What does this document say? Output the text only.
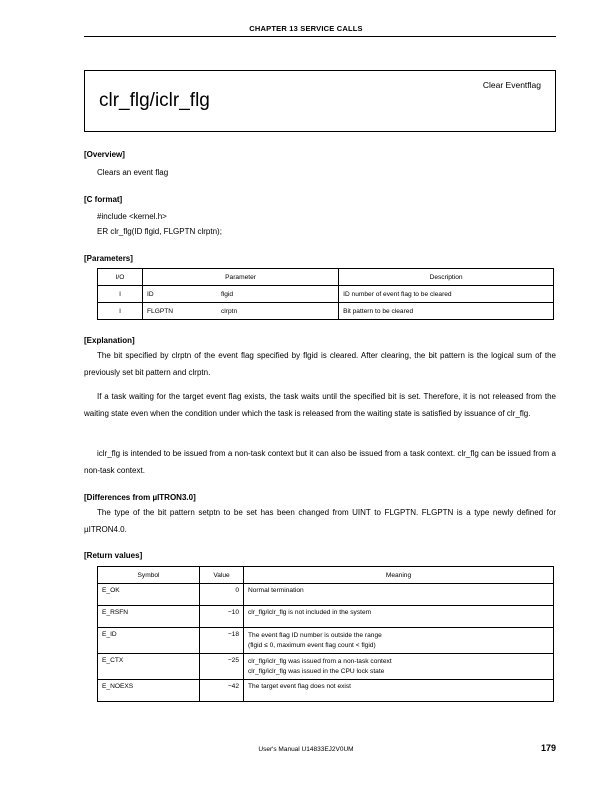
CHAPTER 13 SERVICE CALLS
clr_flg/iclr_flg
Clear Eventflag
[Overview]
Clears an event flag
[C format]
#include <kernel.h>
ER clr_flg(ID flgid, FLGPTN clrptn);
[Parameters]
I/O	Parameter		Description
I	ID	flgid	ID number of event flag to be cleared
I	FLGPTN	clrptn	Bit pattern to be cleared
[Explanation]

The bit specified by clrptn of the event flag specified by flgid is cleared. After clearing, the bit pattern is the logical sum of the previously set bit pattern and clrptn.

If a task waiting for the target event flag exists, the task waits until the specified bit is set. Therefore, it is not released from the waiting state even when the condition under which the task is released from the waiting state is satisfied by issuance of clr_flg.

iclr_flg is intended to be issued from a non-task context but it can also be issued from a task context. clr_flg can be issued from a non-task context.

[Differences from µITRON3.0]

The type of the bit pattern setptn to be set has been changed from UINT to FLGPTN. FLGPTN is a type newly defined for µITRON4.0.

[Return values]
Symbol	Value	Meaning
E_OK	0	Normal termination
E_RSFN	−10	clr_flg/iclr_flg is not included in the system
E_ID	−18	The event flag ID number is outside the range
(flgid ≤ 0, maximum event flag count < flgid)

E_CTX	−25	clr_flg/iclr_flg was issued from a non-task context
clr_flg/iclr_flg was issued in the CPU lock state

E_NOEXS	−42	The target event flag does not exist
User's Manual U14833EJ2V0UM	179
